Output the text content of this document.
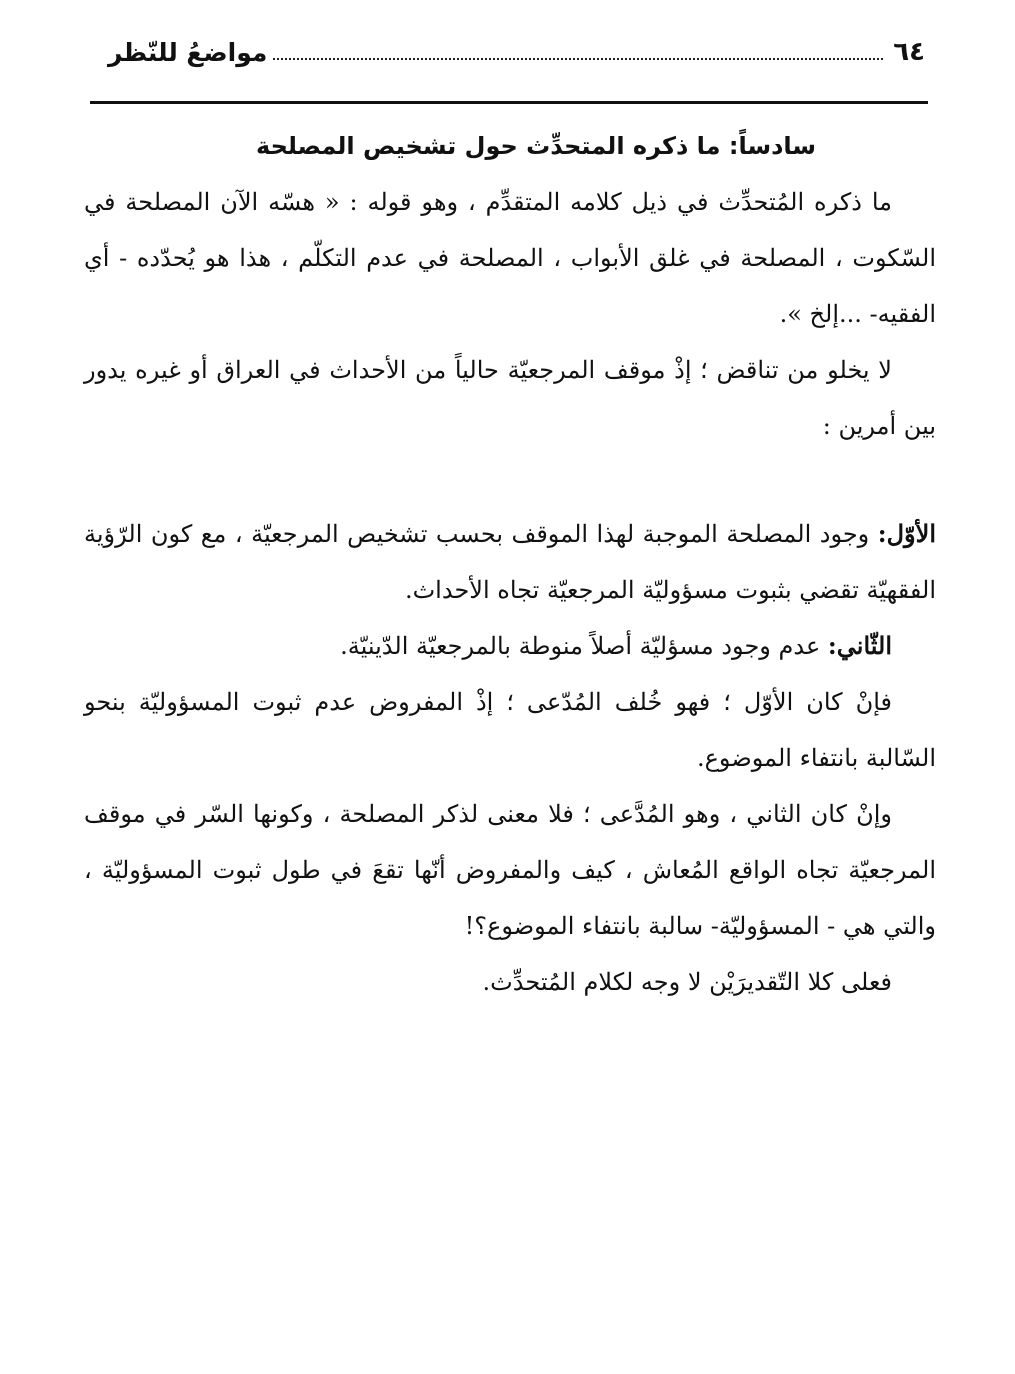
٦٤
مواضعُ للنّظر
سادساً: ما ذكره المتحدِّث حول تشخيص المصلحة

ما ذكره المُتحدِّث في ذيل كلامه المتقدِّم ، وهو قوله : « هسّه الآن المصلحة في السّكوت ، المصلحة في غلق الأبواب ، المصلحة في عدم التكلّم ، هذا هو يُحدّده - أي الفقيه- ...إلخ ».

لا يخلو من تناقض ؛ إذْ موقف المرجعيّة حالياً من الأحداث في العراق أو غيره يدور بين أمرين :

الأوّل: وجود المصلحة الموجبة لهذا الموقف بحسب تشخيص المرجعيّة ، مع كون الرّؤية الفقهيّة تقضي بثبوت مسؤوليّة المرجعيّة تجاه الأحداث.

الثّاني: عدم وجود مسؤليّة أصلاً منوطة بالمرجعيّة الدّينيّة.

فإنْ كان الأوّل ؛ فهو خُلف المُدّعى ؛ إذْ المفروض عدم ثبوت المسؤوليّة بنحو السّالبة بانتفاء الموضوع.

وإنْ كان الثاني ، وهو المُدَّعى ؛ فلا معنى لذكر المصلحة ، وكونها السّر في موقف المرجعيّة تجاه الواقع المُعاش ، كيف والمفروض أنّها تقعَ في طول ثبوت المسؤوليّة ، والتي هي - المسؤوليّة- سالبة بانتفاء الموضوع؟!

فعلى كلا التّقديرَيْن لا وجه لكلام المُتحدِّث.
